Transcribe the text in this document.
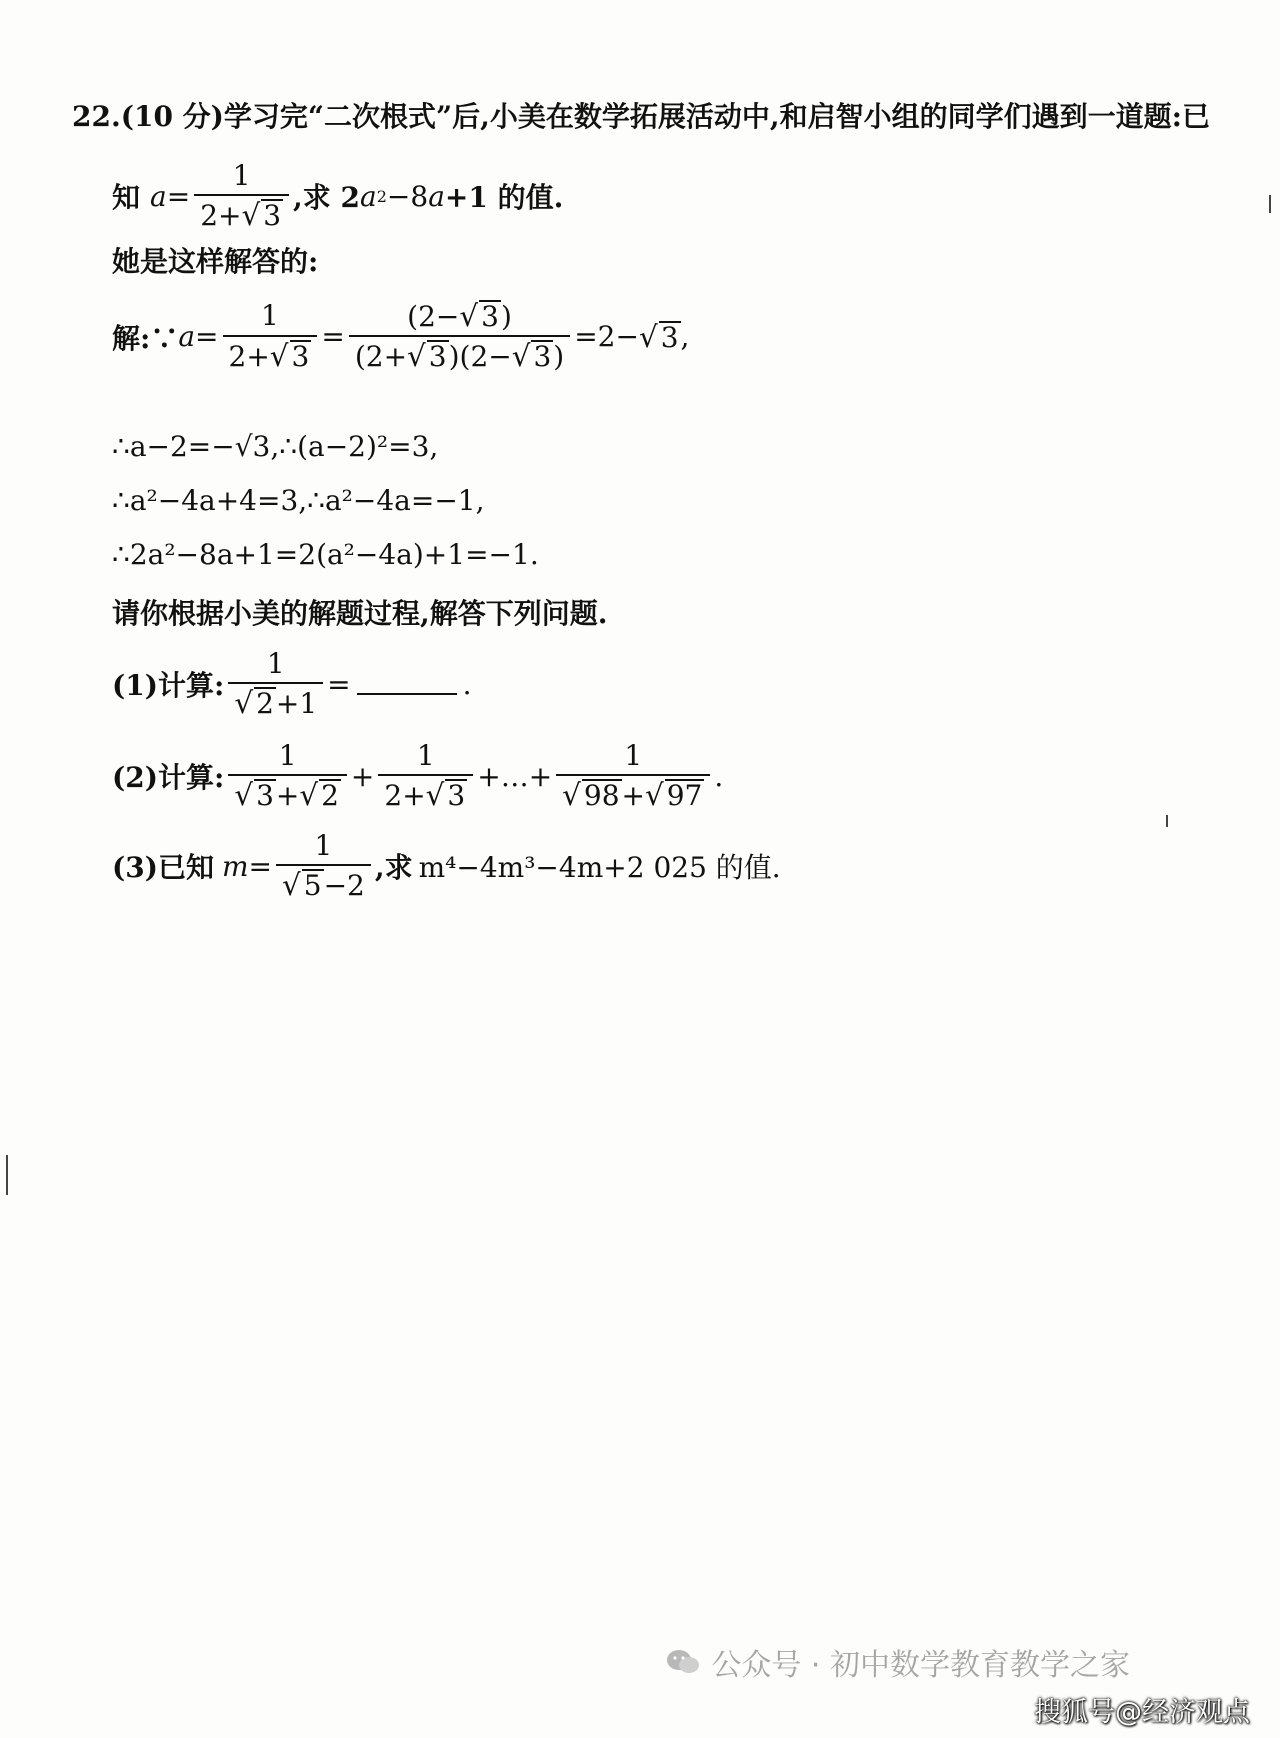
22.(10 分)学习完“二次根式”后,小美在数学拓展活动中,和启智小组的同学们遇到一道题:已
知 $a = \frac{1}{2+ √ 3}$ ,求 2 a 2 −8 a +1 的值.
她是这样解答的:
解:∵ $a = \frac{1}{2+ √ 3} = \frac{(2- √ 3 )}{(2+ √ 3 )(2- √ 3 )} =2-$ √ 3 ,
∴a−2=−√3,∴(a−2)²=3,
∴a²−4a+4=3,∴a²−4a=−1,
∴2a²−8a+1=2(a²−4a)+1=−1.
请你根据小美的解题过程,解答下列问题.
(1)计算: $\frac{1}{√ 2 +1}$ =	.
(2)计算: $\frac{1}{√ 3 + √ 2} + \frac{1}{2+ √ 3}$ +…+ $\frac{1}{√ 98 + √ 97}$ .
(3)已知 $m = \frac{1}{√ 5 -2}$ ,求 m⁴−4m³−4m+2 025 的值.
公众号 · 初中数学教育教学之家
搜狐号@经济观点
